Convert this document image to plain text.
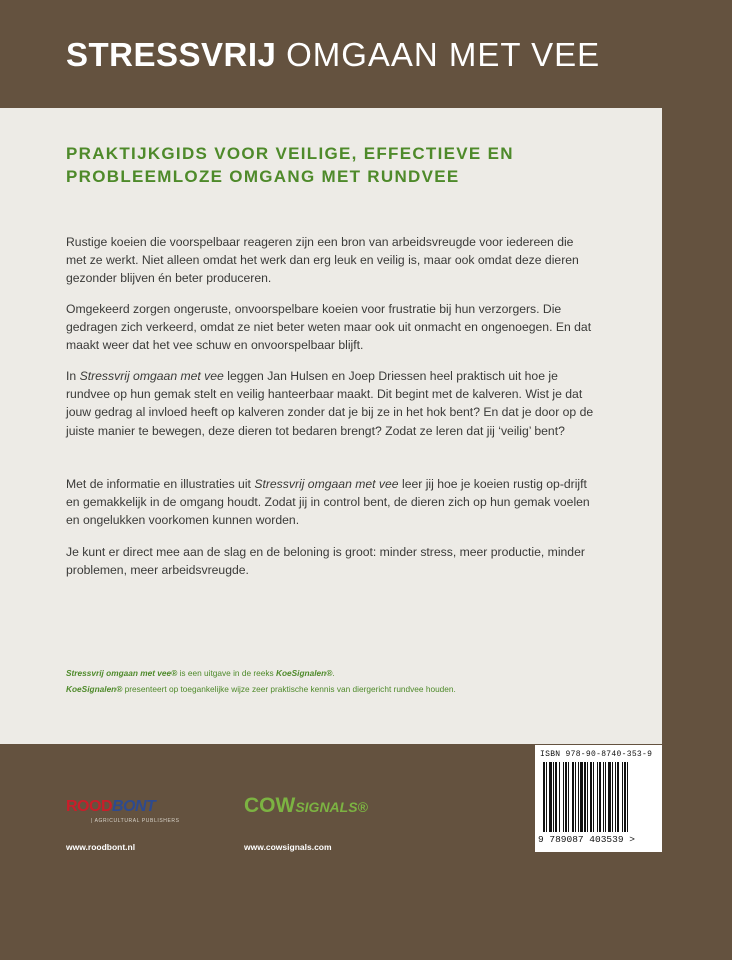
STRESSVRIJ OMGAAN MET VEE
PRAKTIJKGIDS VOOR VEILIGE, EFFECTIEVE EN
PROBLEEMLOZE OMGANG MET RUNDVEE

Rustige koeien die voorspelbaar reageren zijn een bron van arbeidsvreugde voor iedereen die met ze werkt. Niet alleen omdat het werk dan erg leuk en veilig is, maar ook omdat deze dieren gezonder blijven én beter produceren.

Omgekeerd zorgen ongeruste, onvoorspelbare koeien voor frustratie bij hun verzorgers. Die gedragen zich verkeerd, omdat ze niet beter weten maar ook uit onmacht en ongenoegen. En dat maakt weer dat het vee schuw en onvoorspelbaar blijft.

In Stressvrij omgaan met vee leggen Jan Hulsen en Joep Driessen heel praktisch uit hoe je rundvee op hun gemak stelt en veilig hanteerbaar maakt. Dit begint met de kalveren. Wist je dat jouw gedrag al invloed heeft op kalveren zonder dat je bij ze in het hok bent? En dat je door op de juiste manier te bewegen, deze dieren tot bedaren brengt? Zodat ze leren dat jij ‘veilig’ bent?

Met de informatie en illustraties uit Stressvrij omgaan met vee leer jij hoe je koeien rustig op-drijft en gemakkelijk in de omgang houdt. Zodat jij in control bent, de dieren zich op hun gemak voelen en ongelukken voorkomen kunnen worden.

Je kunt er direct mee aan de slag en de beloning is groot: minder stress, meer productie, minder problemen, meer arbeidsvreugde.

Stressvrij omgaan met vee® is een uitgave in de reeks KoeSignalen®.

KoeSignalen® presenteert op toegankelijke wijze zeer praktische kennis van diergericht rundvee houden.

ISBN 978-90-8740-353-9
9 789087 403539 >
ROODBONT
| AGRICULTURAL PUBLISHERS
COWSIGNALS®
www.roodbont.nl	www.cowsignals.com
